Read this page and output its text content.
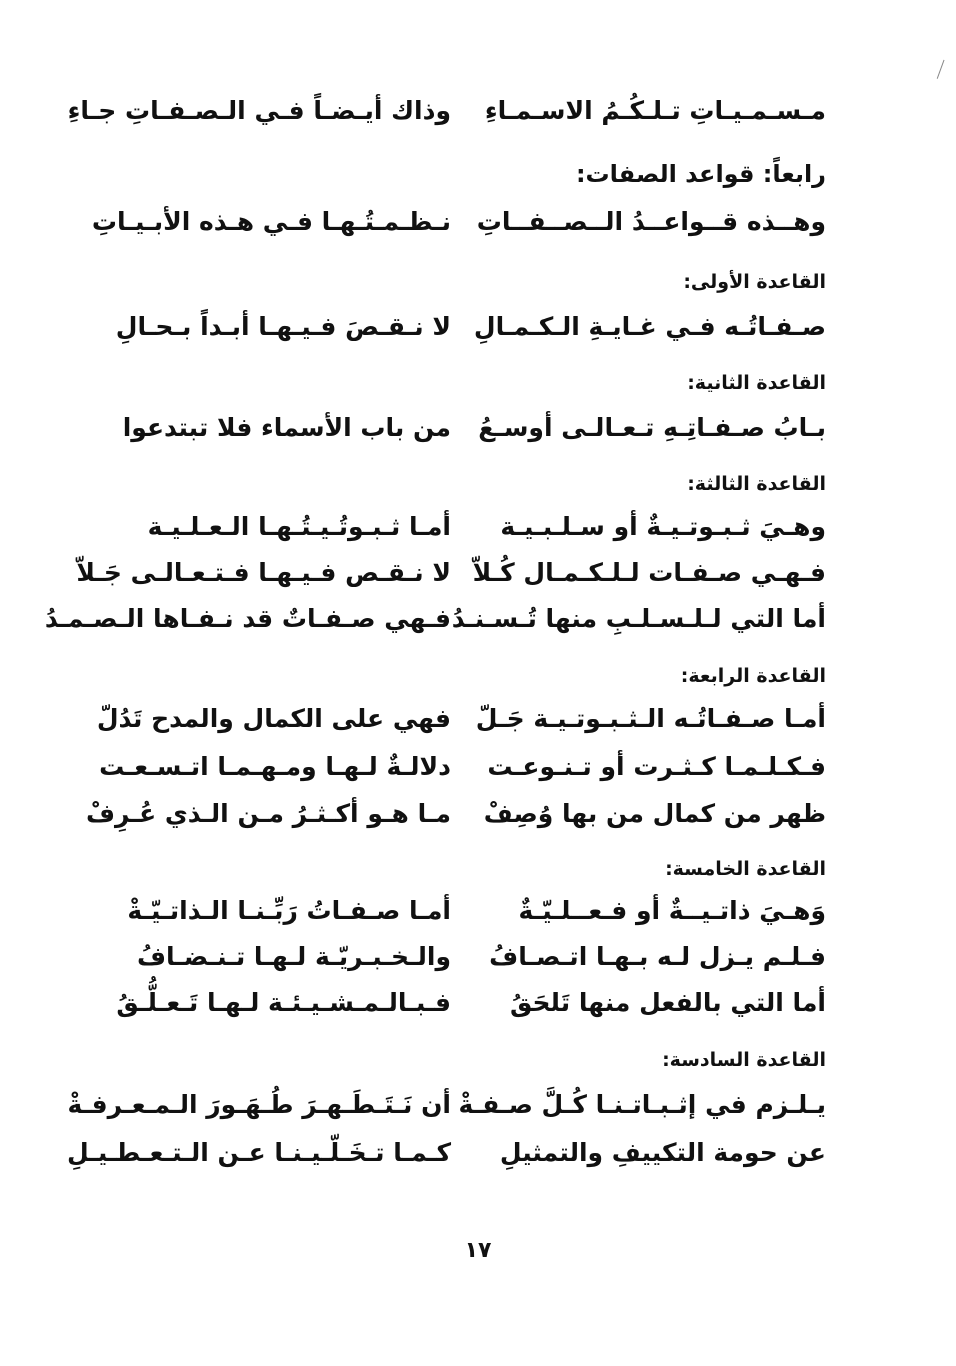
مـسـمـيـاتِ تـلـكُـمُ الاسـمـاءِ
وذاك أيـضـاً فـي الـصـفـاتِ جـاءِ
رابعاً: قواعد الصفات:
وهــذه قــواعــدُ الــصــفــاتِ
نـظـمـتُـهـا فـي هـذه الأبـيـاتِ
القاعدة الأولى:
صـفـاتُـه فـي غـايـةِ الـكـمـالِ
لا نـقـصَ فـيـهـا أبـداً بـحـالِ
القاعدة الثانية:
بـابُ صـفـاتِـهِ تـعـالـى أوسـعُ
من باب الأسماء فلا تبتدعوا
القاعدة الثالثة:
وهـيَ ثـبـوتـيـةٌ أو سـلـبـيـة
أمـا ثـبـوتُـيـتُـهـا الـعـلـيـة
فـهـي صـفـات لـلـكـمـال كُـلاّ
لا نـقـص فـيـهـا فـتـعـالـى جَـلاّ
أما التي لـلـسـلـبِ منها تُـسـنـدُ
فـهي صـفـاتٌ قد نـفـاها الـصـمـدُ
القاعدة الرابعة:
أمـا صـفـاتُـه الـثـبـوتـيـة جَـلّ
فهي على الكمال والمدح تَدُلّ
فـكـلـمـا كـثـرت أو تـنـوعـت
دلالـةٌ لـهـا ومـهـمـا اتـسـعـت
ظهر من كمال من بها وُصِفْ
مـا هـو أكـثـرُ مـن الـذي عُـرِفْ
القاعدة الخامسة:
وَهـيَ ذاتـيــةٌ أو فـعــلـيّـةٌ
أمـا صـفـاتُ رَبِّـنـا الـذاتـيّـةْ
فـلـم يـزل لـه بـهـا اتـصـافُ
والـخـبـريّـة لـهـا تـنـضـافُ
أما التي بالفعل منها تَلحَقُ
فـبـالـمـشـيـئـة لـهـا تَـعـلُّـقُ
القاعدة السادسة:
يـلـزم في إثـبـاتـنـا كُـلَّ صـفـةْ
أن نَـتَـطَـهـرَ طُـهَـورَ الـمـعـرفـةْ
عن حومة التكييفِ والتمثيلِ
كـمـا تـخَـلّـيـنـا عـن الـتـعـطـيـلِ
١٧
